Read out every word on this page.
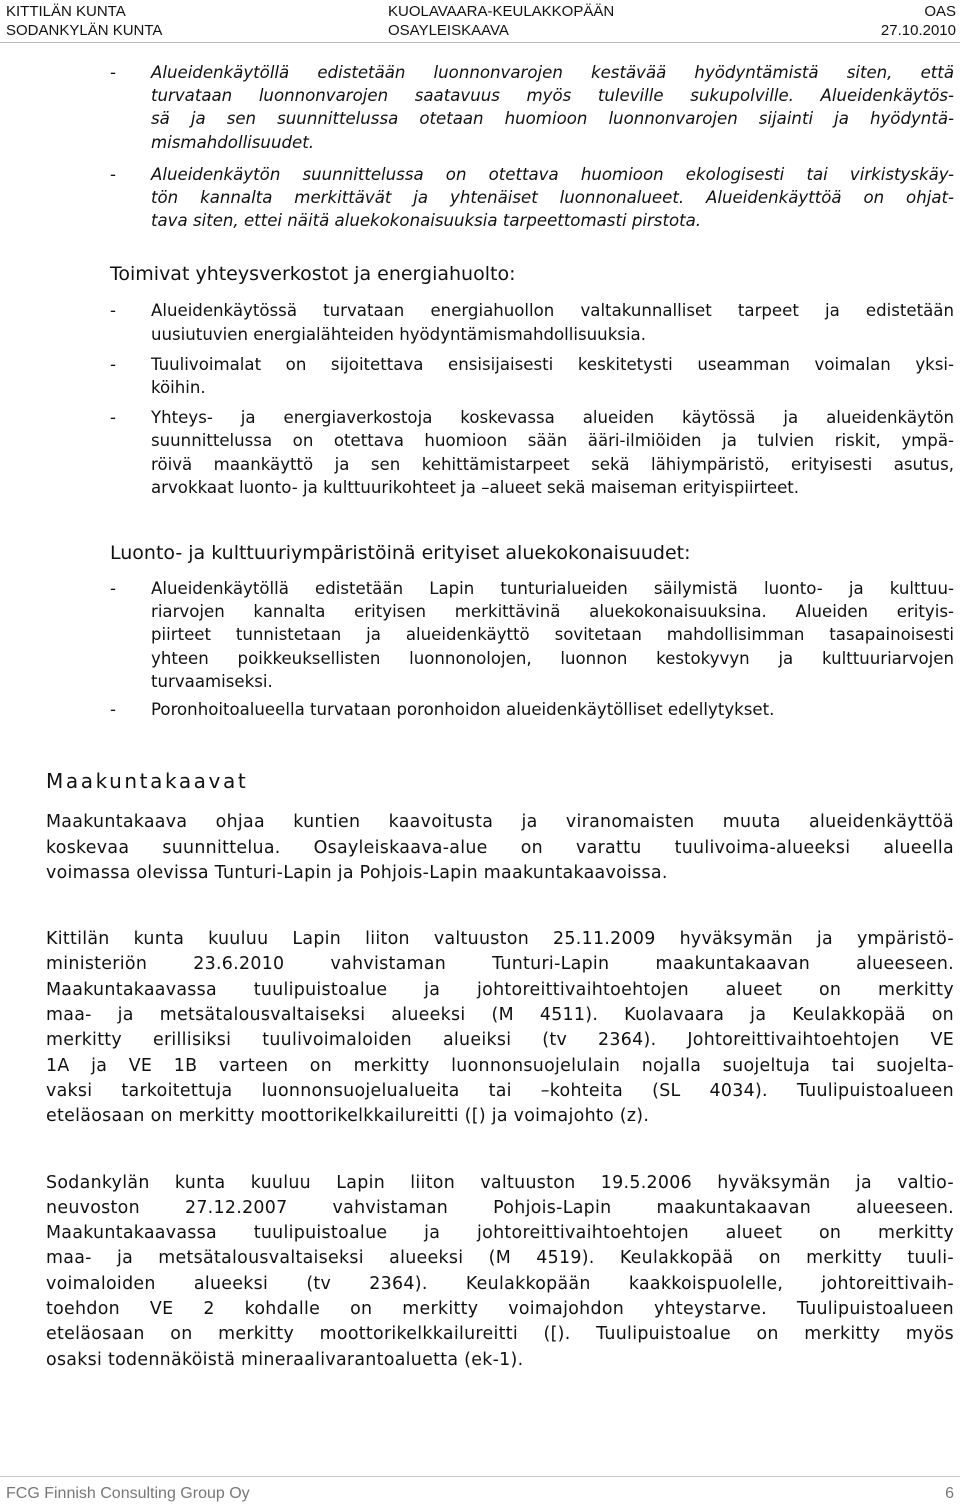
KITTILÄN KUNTA
SODANKYLÄN KUNTA
KUOLAVAARA-KEULAKKOPÄÄN
OSAYLEISKAAVA
OAS
27.10.2010
- Alueidenkäytöllä edistetään luonnonvarojen kestävää hyödyntämistä siten, että
turvataan luonnonvarojen saatavuus myös tuleville sukupolville. Alueidenkäytös-
sä ja sen suunnittelussa otetaan huomioon luonnonvarojen sijainti ja hyödyntä-
mismahdollisuudet.
- Alueidenkäytön suunnittelussa on otettava huomioon ekologisesti tai virkistyskäy-
tön kannalta merkittävät ja yhtenäiset luonnonalueet. Alueidenkäyttöä on ohjat-
tava siten, ettei näitä aluekokonaisuuksia tarpeettomasti pirstota.
Toimivat yhteysverkostot ja energiahuolto:
- Alueidenkäytössä turvataan energiahuollon valtakunnalliset tarpeet ja edistetään
uusiutuvien energialähteiden hyödyntämismahdollisuuksia.
- Tuulivoimalat on sijoitettava ensisijaisesti keskitetysti useamman voimalan yksi-
köihin.
- Yhteys- ja energiaverkostoja koskevassa alueiden käytössä ja alueidenkäytön
suunnittelussa on otettava huomioon sään ääri-ilmiöiden ja tulvien riskit, ympä-
röivä maankäyttö ja sen kehittämistarpeet sekä lähiympäristö, erityisesti asutus,
arvokkaat luonto- ja kulttuurikohteet ja –alueet sekä maiseman erityispiirteet.
Luonto- ja kulttuuriympäristöinä erityiset aluekokonaisuudet:
- Alueidenkäytöllä edistetään Lapin tunturialueiden säilymistä luonto- ja kulttuu-
riarvojen kannalta erityisen merkittävinä aluekokonaisuuksina. Alueiden erityis-
piirteet tunnistetaan ja alueidenkäyttö sovitetaan mahdollisimman tasapainoisesti
yhteen poikkeuksellisten luonnonolojen, luonnon kestokyvyn ja kulttuuriarvojen
turvaamiseksi.
- Poronhoitoalueella turvataan poronhoidon alueidenkäytölliset edellytykset.
Maakuntakaavat
Maakuntakaava ohjaa kuntien kaavoitusta ja viranomaisten muuta alueidenkäyttöä
koskevaa suunnittelua. Osayleiskaava-alue on varattu tuulivoima-alueeksi alueella
voimassa olevissa Tunturi-Lapin ja Pohjois-Lapin maakuntakaavoissa.
Kittilän kunta kuuluu Lapin liiton valtuuston 25.11.2009 hyväksymän ja ympäristö-
ministeriön 23.6.2010 vahvistaman Tunturi-Lapin maakuntakaavan alueeseen.
Maakuntakaavassa tuulipuistoalue ja johtoreittivaihtoehtojen alueet on merkitty
maa- ja metsätalousvaltaiseksi alueeksi (M 4511). Kuolavaara ja Keulakkopää on
merkitty erillisiksi tuulivoimaloiden alueiksi (tv 2364). Johtoreittivaihtoehtojen VE
1A ja VE 1B varteen on merkitty luonnonsuojelulain nojalla suojeltuja tai suojelta-
vaksi tarkoitettuja luonnonsuojelualueita tai –kohteita (SL 4034). Tuulipuistoalueen
eteläosaan on merkitty moottorikelkkailureitti ([) ja voimajohto (z).
Sodankylän kunta kuuluu Lapin liiton valtuuston 19.5.2006 hyväksymän ja valtio-
neuvoston 27.12.2007 vahvistaman Pohjois-Lapin maakuntakaavan alueeseen.
Maakuntakaavassa tuulipuistoalue ja johtoreittivaihtoehtojen alueet on merkitty
maa- ja metsätalousvaltaiseksi alueeksi (M 4519). Keulakkopää on merkitty tuuli-
voimaloiden alueeksi (tv 2364). Keulakkopään kaakkoispuolelle, johtoreittivaih-
toehdon VE 2 kohdalle on merkitty voimajohdon yhteystarve. Tuulipuistoalueen
eteläosaan on merkitty moottorikelkkailureitti ([). Tuulipuistoalue on merkitty myös
osaksi todennäköistä mineraalivarantoaluetta (ek-1).
FCG Finnish Consulting Group Oy	6
